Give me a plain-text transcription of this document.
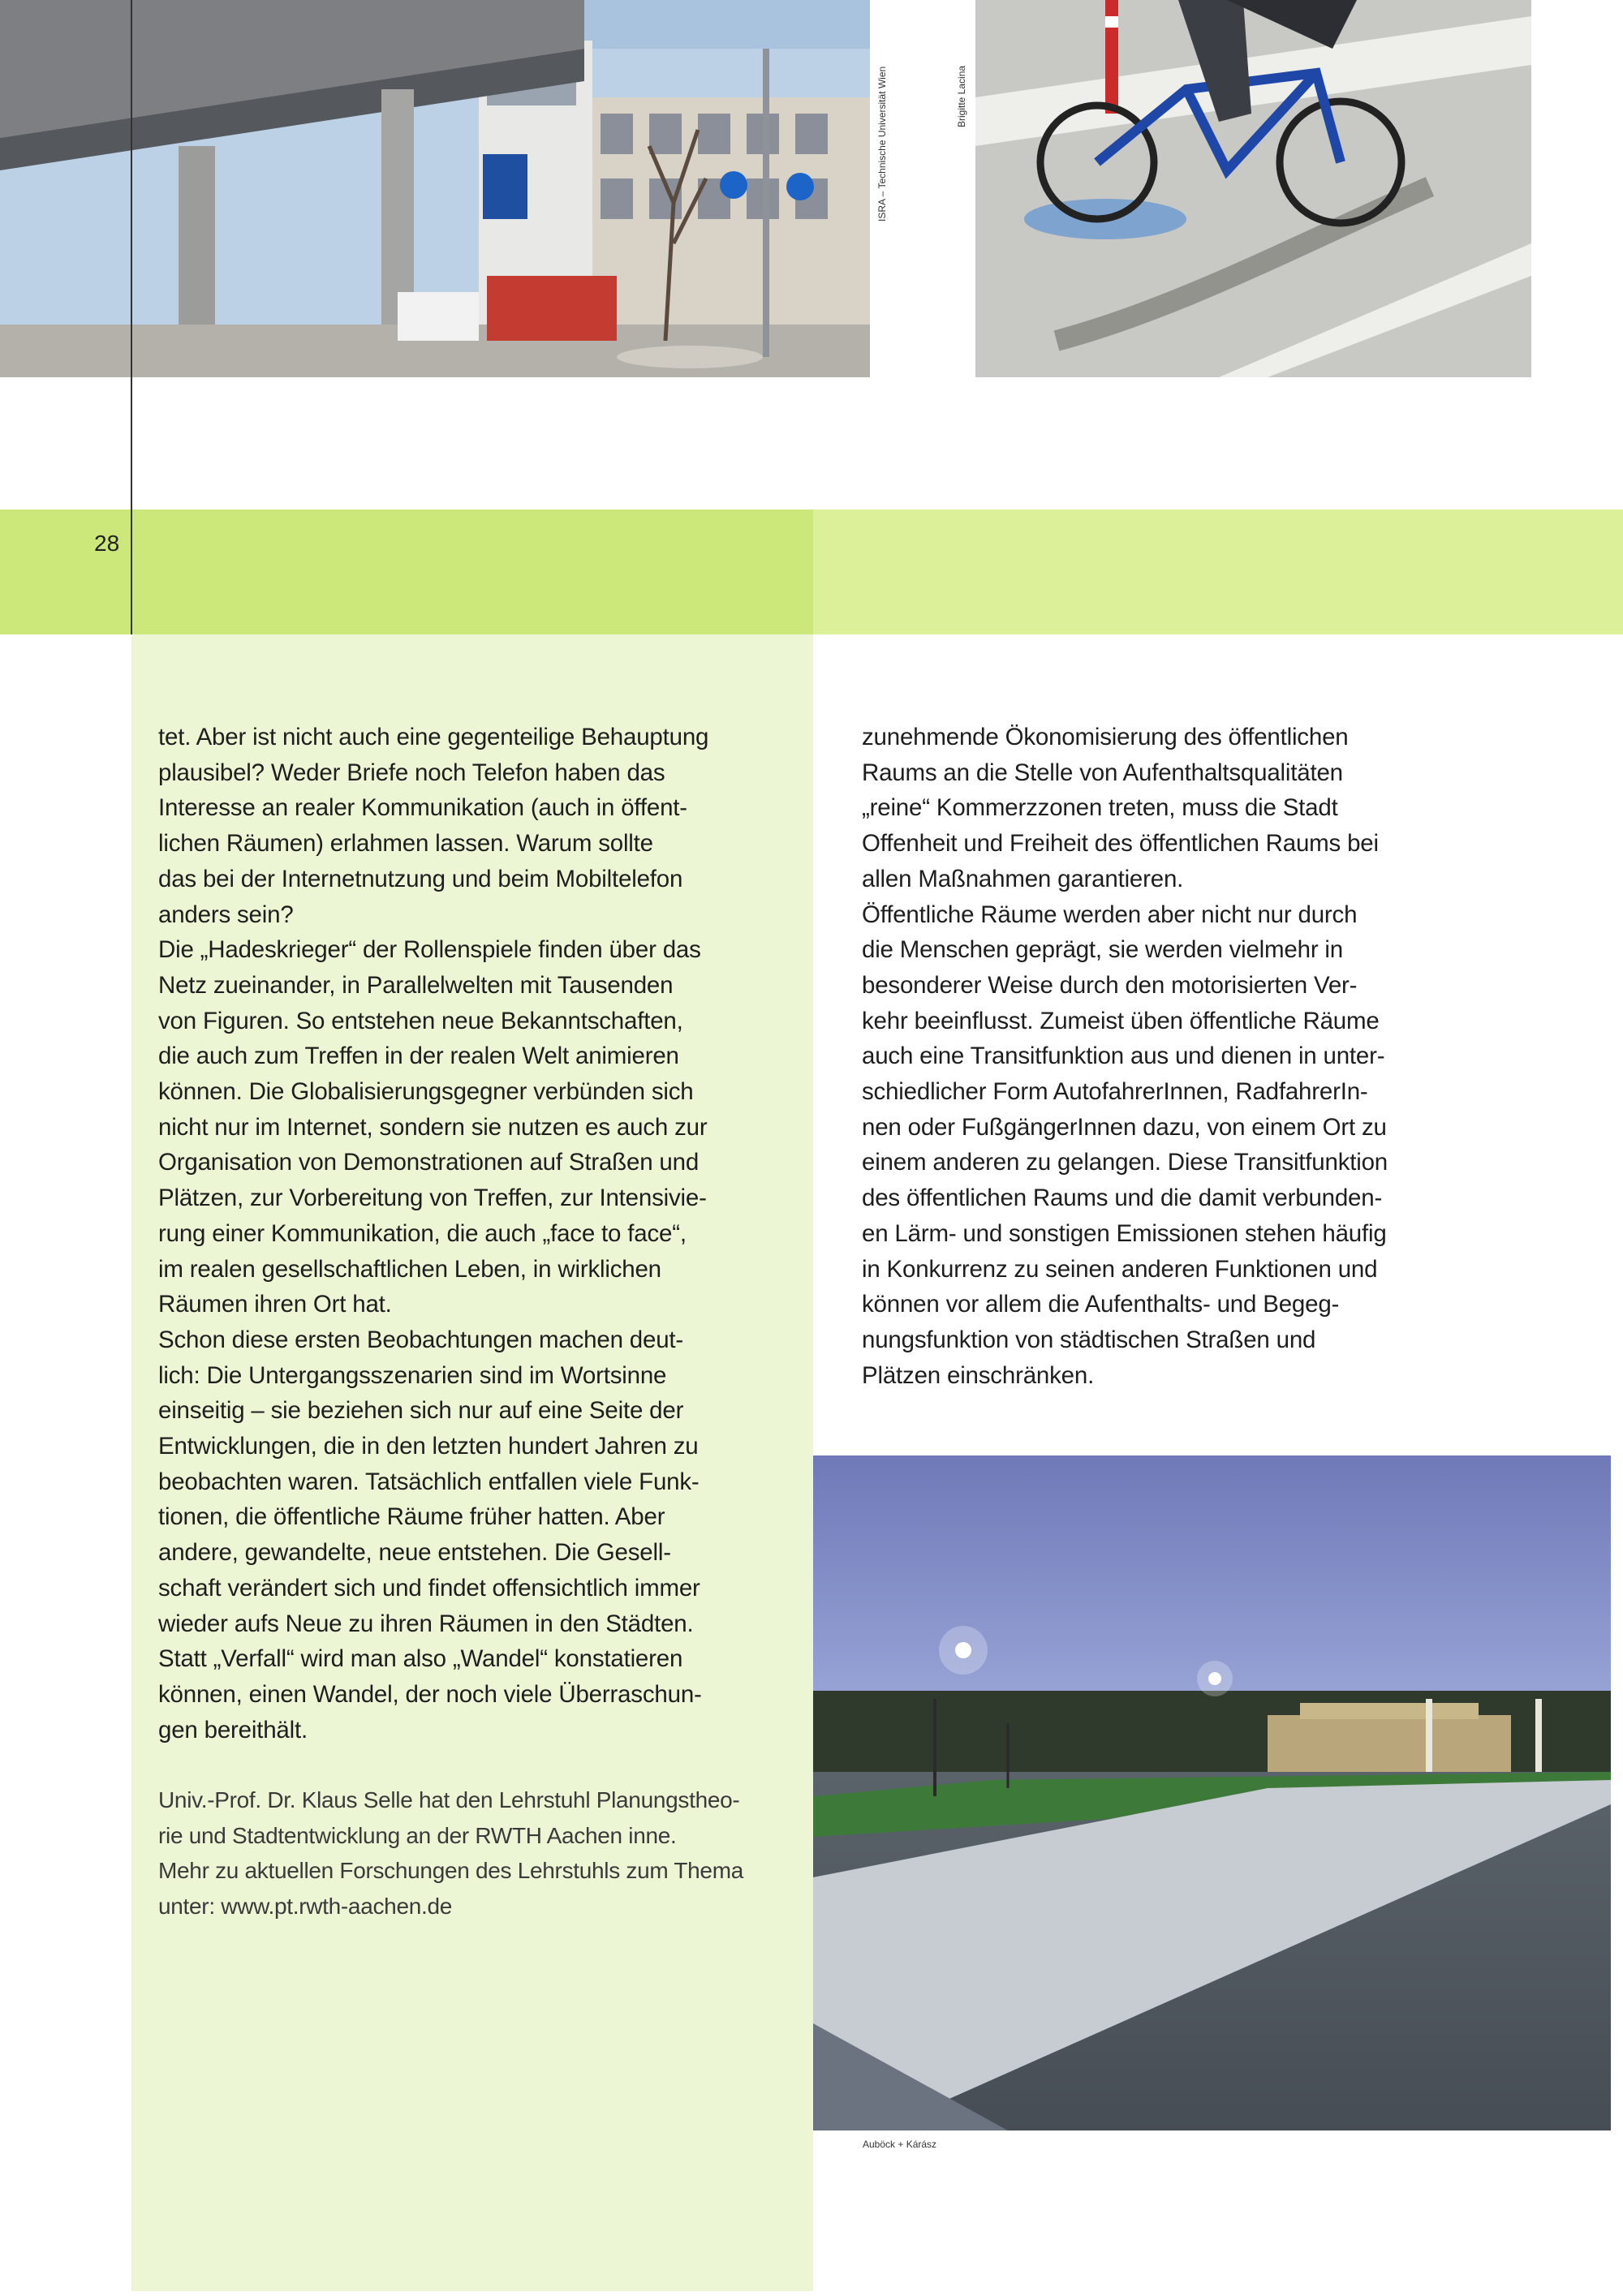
ISRA – Technische Universität Wien	Brigitte Lacina
28

tet. Aber ist nicht auch eine gegenteilige Behauptung

plausibel? Weder Briefe noch Telefon haben das

Interesse an realer Kommunikation (auch in öffent-

lichen Räumen) erlahmen lassen. Warum sollte

das bei der Internetnutzung und beim Mobiltelefon

anders sein?

Die „Hadeskrieger“ der Rollenspiele finden über das

Netz zueinander, in Parallelwelten mit Tausenden

von Figuren. So entstehen neue Bekanntschaften,

die auch zum Treffen in der realen Welt animieren

können. Die Globalisierungsgegner verbünden sich

nicht nur im Internet, sondern sie nutzen es auch zur

Organisation von Demonstrationen auf Straßen und

Plätzen, zur Vorbereitung von Treffen, zur Intensivie-

rung einer Kommunikation, die auch „face to face“,

im realen gesellschaftlichen Leben, in wirklichen

Räumen ihren Ort hat.

Schon diese ersten Beobachtungen machen deut-

lich: Die Untergangsszenarien sind im Wortsinne

einseitig – sie beziehen sich nur auf eine Seite der

Entwicklungen, die in den letzten hundert Jahren zu

beobachten waren. Tatsächlich entfallen viele Funk-

tionen, die öffentliche Räume früher hatten. Aber

andere, gewandelte, neue entstehen. Die Gesell-

schaft verändert sich und findet offensichtlich immer

wieder aufs Neue zu ihren Räumen in den Städten.

Statt „Verfall“ wird man also „Wandel“ konstatieren

können, einen Wandel, der noch viele Überraschun-

gen bereithält.

Univ.-Prof. Dr. Klaus Selle hat den Lehrstuhl Planungstheo-

rie und Stadtentwicklung an der RWTH Aachen inne.

Mehr zu aktuellen Forschungen des Lehrstuhls zum Thema

unter: www.pt.rwth-aachen.de

zunehmende Ökonomisierung des öffentlichen

Raums an die Stelle von Aufenthaltsqualitäten

„reine“ Kommerzzonen treten, muss die Stadt

Offenheit und Freiheit des öffentlichen Raums bei

allen Maßnahmen garantieren.

Öffentliche Räume werden aber nicht nur durch

die Menschen geprägt, sie werden vielmehr in

besonderer Weise durch den motorisierten Ver-

kehr beeinflusst. Zumeist üben öffentliche Räume

auch eine Transitfunktion aus und dienen in unter-

schiedlicher Form AutofahrerInnen, RadfahrerIn-

nen oder FußgängerInnen dazu, von einem Ort zu

einem anderen zu gelangen. Diese Transitfunktion

des öffentlichen Raums und die damit verbunden-

en Lärm- und sonstigen Emissionen stehen häufig

in Konkurrenz zu seinen anderen Funktionen und

können vor allem die Aufenthalts- und Begeg-

nungsfunktion von städtischen Straßen und

Plätzen einschränken.

Auböck + Kárász
